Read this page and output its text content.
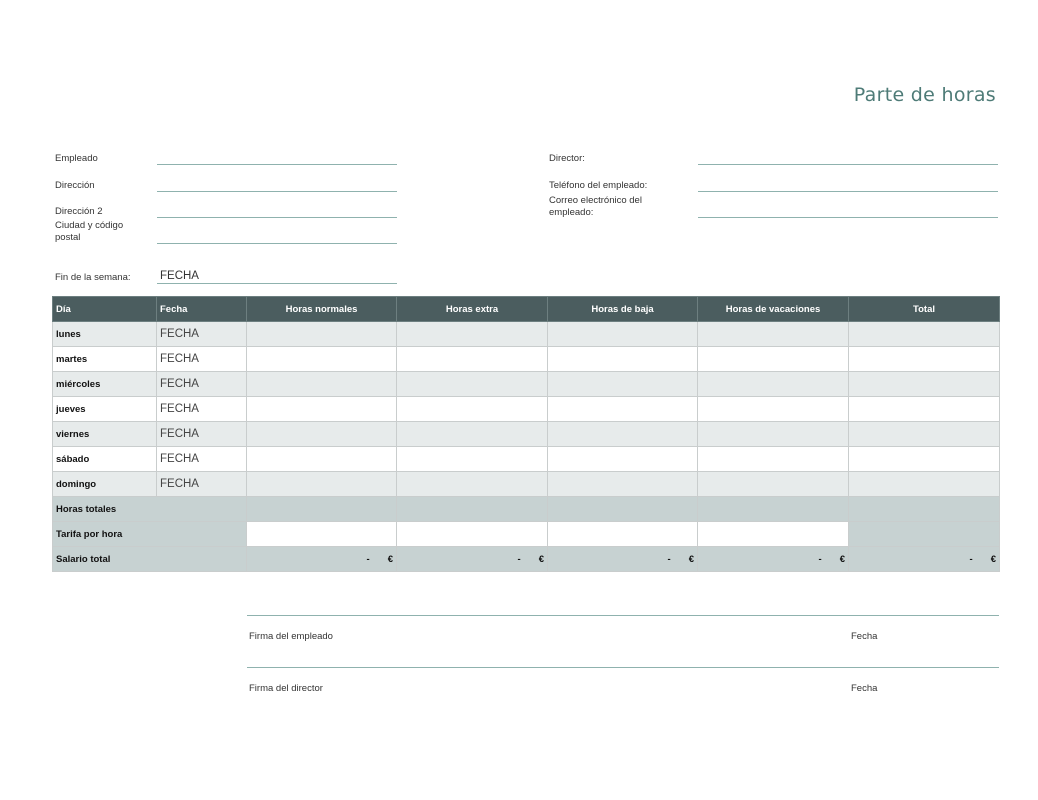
Parte de horas
Empleado
Dirección
Dirección 2
Ciudad y código postal
Fin de la semana:	FECHA
Director:
Teléfono del empleado:
Correo electrónico del empleado:
Día	Fecha	Horas normales	Horas extra	Horas de baja	Horas de vacaciones	Total
lunes	FECHA					
martes	FECHA					
miércoles	FECHA					
jueves	FECHA					
viernes	FECHA					
sábado	FECHA					
domingo	FECHA					
Horas totales						
Tarifa por hora						
Salario total		- €	- €	- €	- €	- €
Firma del empleado	Fecha
Firma del director	Fecha
